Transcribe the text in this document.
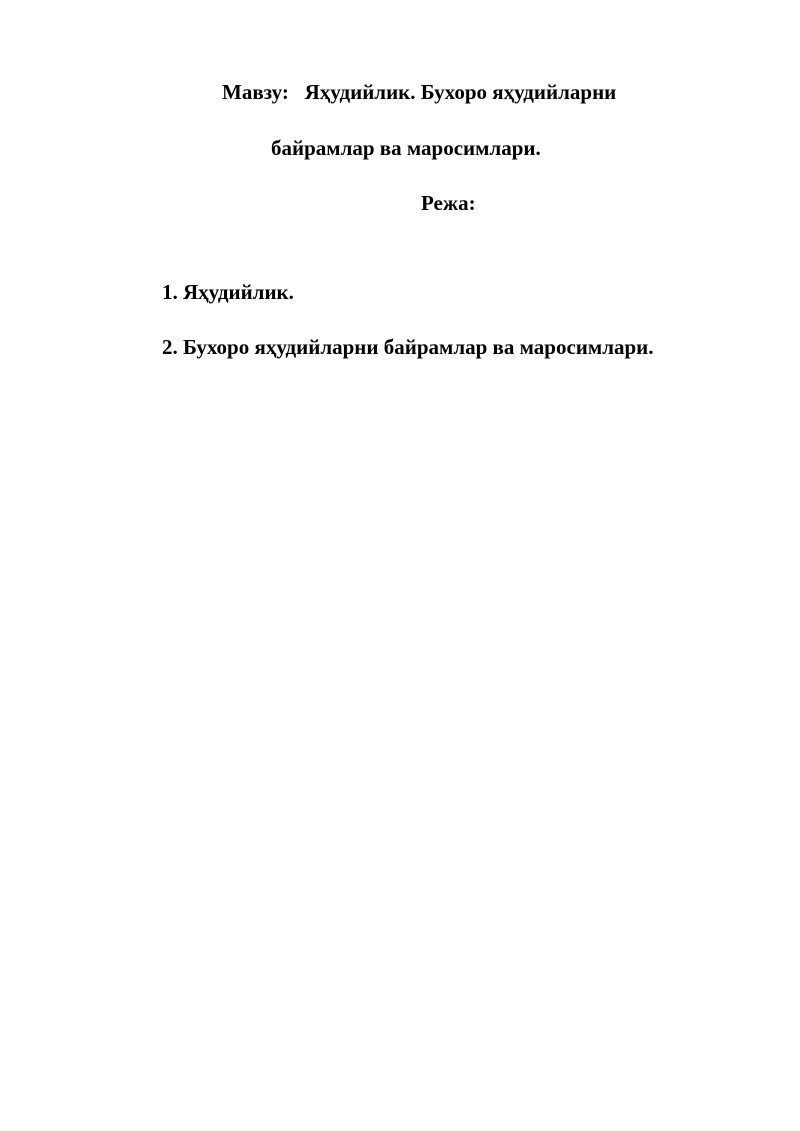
Мавзу:   Яҳудийлик. Бухоро яҳудийларни

байрамлар ва маросимлари.

Режа:

1. Яҳудийлик.

2. Бухоро яҳудийларни байрамлар ва маросимлари.
